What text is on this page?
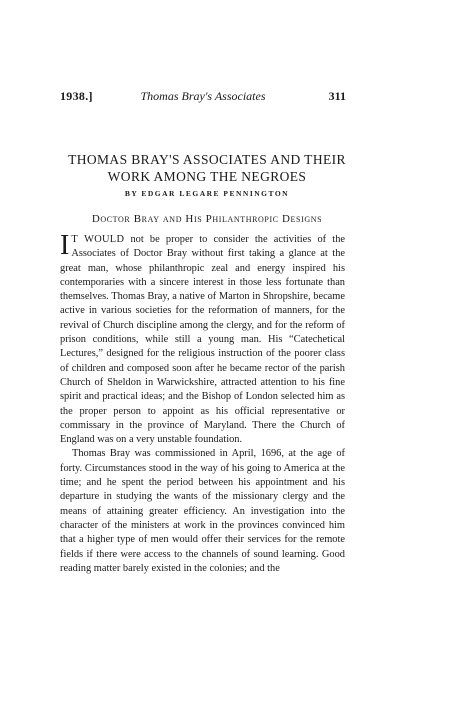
Thomas Bray's Associates
1938.]	311
THOMAS BRAY'S ASSOCIATES AND THEIR
WORK AMONG THE NEGROES
BY EDGAR LEGARE PENNINGTON
Doctor Bray and His Philanthropic Designs

I T WOULD not be proper to consider the activities of the Associates of Doctor Bray without first taking a glance at the great man, whose philanthropic zeal and energy inspired his contemporaries with a sincere interest in those less fortunate than themselves. Thomas Bray, a native of Marton in Shropshire, became active in various societies for the reformation of manners, for the revival of Church discipline among the clergy, and for the reform of prison conditions, while still a young man. His “Catechetical Lectures,” designed for the religious instruction of the poorer class of children and composed soon after he became rector of the parish Church of Sheldon in Warwickshire, attracted attention to his fine spirit and practical ideas; and the Bishop of London selected him as the proper person to appoint as his official representative or commissary in the province of Maryland. There the Church of England was on a very unstable foundation.

Thomas Bray was commissioned in April, 1696, at the age of forty. Circumstances stood in the way of his going to America at the time; and he spent the period between his appointment and his departure in studying the wants of the missionary clergy and the means of attaining greater efficiency. An investigation into the character of the ministers at work in the provinces convinced him that a higher type of men would offer their services for the remote fields if there were access to the channels of sound learning. Good reading matter barely existed in the colonies; and the
